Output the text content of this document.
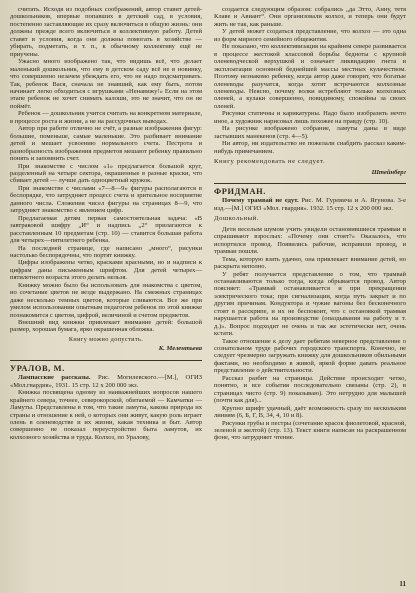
считать. Исходя из подобных соображений, автор ставит детей-дошкольников, впервые попавших в детский сад, в условия, постепенно заставляющие их сразу включиться в общую жизнь: они должны прежде всего включиться в коллективную работу. Детей ставят в условия, когда они должны помогать в хозяйстве — убирать, подметать, и т. п., к обычному коллективу ещё не приучены.

Ужасно много изображено так, что видишь всё, что делает маленький дошкольник, что ему в детском саду всё не в новинку, что совершенно незачем убеждать его, что не надо подсматривать. Так, ребенок Вася, сначала не знавший, как ему быть, потом начинает легко обходиться с игрушками «Ненавижу!» Если на этом этапе ребенок не хочет снимать калоши, это не значит, что он не поймёт.

Ребенок — дошкольник учится считать на конкретном материале, в процессе роста и жизни, а не на рассудочных выводах.

Автор при работе отлично не счёт, а разные изображения фигур: большие, поменьше, самые маленькие. Это разбивает внимание детей и мешает усвоению нормального счета. Пестрота и разнобразность изображения предметов мешают ребенку правильно понять и запомнить счет.

При знакомстве с числом «1» предлагается большой круг, разделенный на четыре сектора, окрашенные в разные краски, что сбивает детей — лучше дать одноцветный кружок.

При знакомстве с числами «7—8—9» фигуры располагаются в беспорядке, что затрудняет процесс счета и зрительное восприятие данного числа. Сложения чисел фигуры на страницах 8—9, что затрудняет знакомство с явлением цифр.

Предлагаемая детям первая самостоятельная задача: «В завтраковой шифру „И“ и надпись „2“ прилагаются к расставленным 10 предметам (стр. 10) — ставится большая работа для четырех—пятилетнего ребенка.

На последней странице, где написано „много“, рисунки настолько беспорядочны, что портят книжку.

Цифры изображены четко, красками красными, но и надписи к цифрам даны письменным шрифтом. Для детей четырех—пятилетнего возраста этого делать нельзя.

Книжку можно было бы использовать для знакомства с цветом, но сочетание цветов не везде выдержано. На смежных страницах даже несколько темных цветов, которые сливаются. Все же при умелом использовании опытным педагогом ребенок по этой книжке познакомится с цветом, цифрой, величиной и счетом предметов.

Внешний вид книжки привлекает внимание детей: большой размер, хорошая бумага, ярко окрашенная обложка.

Книгу можно допустить.

К. Мелентьева

УРАЛОВ, М.

Лампасские рассказы. Рис. Могилевского.—[М.], ОГИЗ «Мол.гвардия», 1931. 15 стр. 12 х 200 000 экз.

Книжка посвящена одному из наиважнейших вопросов нашего крайнего севера, точнее, северокорской, обитаемой — Камчатки — Ламуты. Представлены в том, что такие ламуты, какова природа их страны и отношение к ней, о которых они живут, какую роль играет олень в оленеводстве и их жизни, какая техника и быт. Автор совершенно не показал переустройство быта ламутов, их колхозного хозяйства и труда. Колхоз, по Уралову,

создается следующим образом: собрались „да Этто, Анну, тетя Клаве и Авиант“. Они организовали колхоз, и теперь они будут жить не так, как раньше.

У детей может создаться представление, что колхоз — это одна из форм мирного семейного общежития.

Не показано, что коллективизация на крайнем севере развивается в процессе жестокой классовой борьбы бедноты с крупной оленеводческой верхушкой и означает ликвидацию гнета и эксплоатации основной беднейшей массы местных кулачеством. Поэтому незнакомо ребенку, когда автор даже говорит, что богатые оленеводы разучатся, когда хотят встречаются колхозные оленеводы. Неясно, почему волки истребляют только колхозных оленей, а кулаки совершенно, повидимому, спокойны за своих оленей.

Рисунки статичны и карикатурны. Надо было изобразить нечто иное, а художник нарисовал лишь похожее на правду (стр. 10).

На рисунке изображено собрание, ламуты даны в виде застывших манекенов (стр. 4—5).

Ни автор, ни издательство не пожелали снабдить рассказ каким-нибудь примечанием.

Книгу рекомендовать не следует.

Штейнберг

ФРИДМАН.

Почему трамвай не едут. Рис. М. Гуревича и А. Ягунова. 3-е изд.—[М.] ОГИЗ «Мол. гвардия». 1932. 15 стр. 12 х 200 000 экз.

Дошкольный.

Дети веселым шумом учить увидели остановившиеся трамваи и спрашивают взрослых: «Почему они стоят?» Оказалось, что испортился провод. Появились рабочие, исправили провод, и трамваи пошли.

Тема, которую взять удачно, она привлекает внимание детей, но раскрыта неполно.

У ребят получается представление о том, что трамвай останавливаются только тогда, когда обрывается провод. Автор поясняет: «Трамвай останавливается и при прекращении электрического тока; при сигнализации, когда путь закрыт и по другим причинам. Кондуктора и чужие вагоны без бесконечного стоят в расскрипе, и их не беспокоит, что с остановкой трамвая нарушается работа на производстве (опаздывания на работу и т. д.)». Вопрос подходит не очень и так же эстетически нет, очень кстати.

Такое отношение к делу дает ребятам неверное представление о сознательном труде рабочих городского транспорта. Конечно, не следует чрезмерно загружать книжку для дошкольников обильными фактами, но необходимо в живой, яркой форме давать реальное представление о действительности.

Рассказ разбит на страницы. Действие происходит четко, понятно, и все события последовательно связаны (стр. 2), в страницах чисто (стр. 9) показываю). Это нетрудно для малышей (почти как для)...

Крупно шрифт удачный, даёт возможность сразу по нескольким линиям (6, Б, Г, В, 34, 4, 10 и 8).

Рисунки грубы и пестры (сочетание красок фиолетовой, красной, зеленой и желтой) (стр. 13). Текст книги написан на раскрашенном фоне, что затрудняет чтение.

11
